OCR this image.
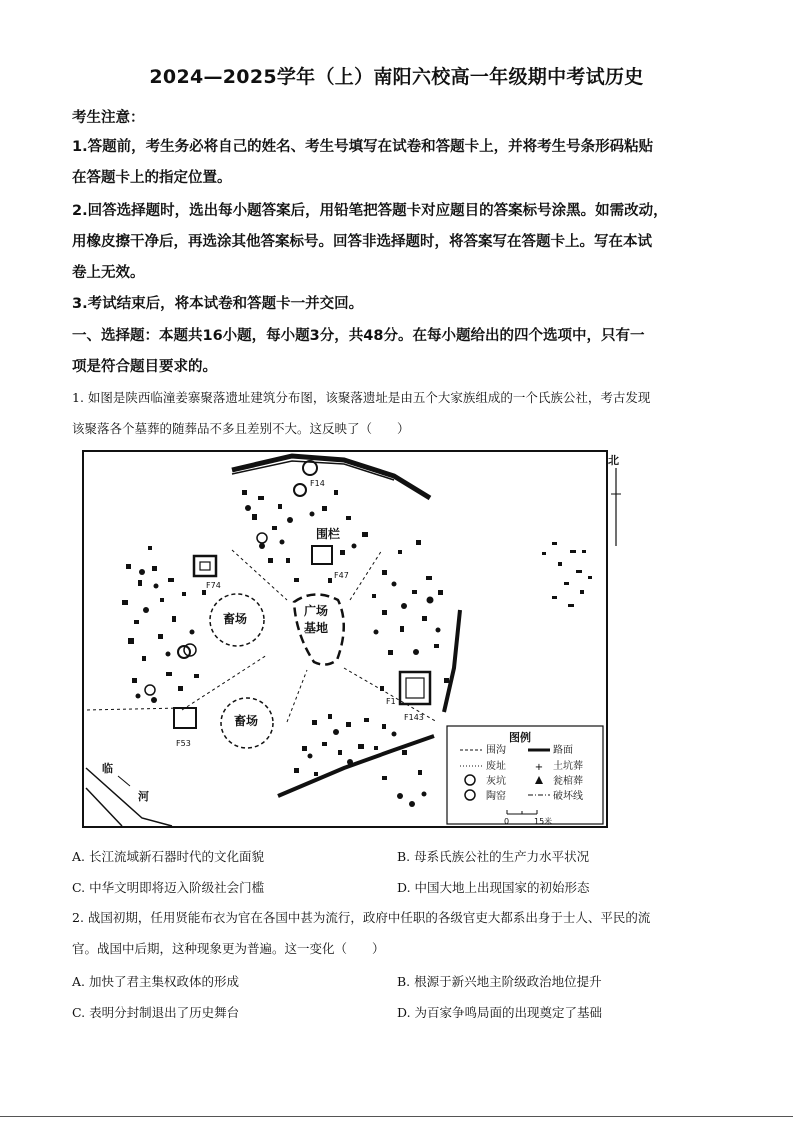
2024—2025学年（上）南阳六校高一年级期中考试历史
考生注意：
1.答题前，考生务必将自己的姓名、考生号填写在试卷和答题卡上，并将考生号条形码粘贴
在答题卡上的指定位置。
2.回答选择题时，选出每小题答案后，用铅笔把答题卡对应题目的答案标号涂黑。如需改动，
用橡皮擦干净后，再选涂其他答案标号。回答非选择题时，将答案写在答题卡上。写在本试
卷上无效。
3.考试结束后，将本试卷和答题卡一并交回。
一、选择题：本题共16小题，每小题3分，共48分。在每小题给出的四个选项中，只有一
项是符合题目要求的。
1. 如图是陕西临潼姜寨聚落遗址建筑分布图，该聚落遗址是由五个大家族组成的一个氏族公社，考古发现
该聚落各个墓葬的随葬品不多且差别不大。这反映了（　　）
+
围栏
广场
基地
畜场
畜场
临
河
F14
F47
F74
F53
F1
F143
图例
围沟
废址
灰坑
陶窑
路面
土坑葬
瓮棺葬
破坏线
0	15米
北
A. 长江流域新石器时代的文化面貌	B. 母系氏族公社的生产力水平状况
C. 中华文明即将迈入阶级社会门槛	D. 中国大地上出现国家的初始形态
2. 战国初期，任用贤能布衣为官在各国中甚为流行，政府中任职的各级官吏大都系出身于士人、平民的流
官。战国中后期，这种现象更为普遍。这一变化（　　）
A. 加快了君主集权政体的形成	B. 根源于新兴地主阶级政治地位提升
C. 表明分封制退出了历史舞台	D. 为百家争鸣局面的出现奠定了基础
